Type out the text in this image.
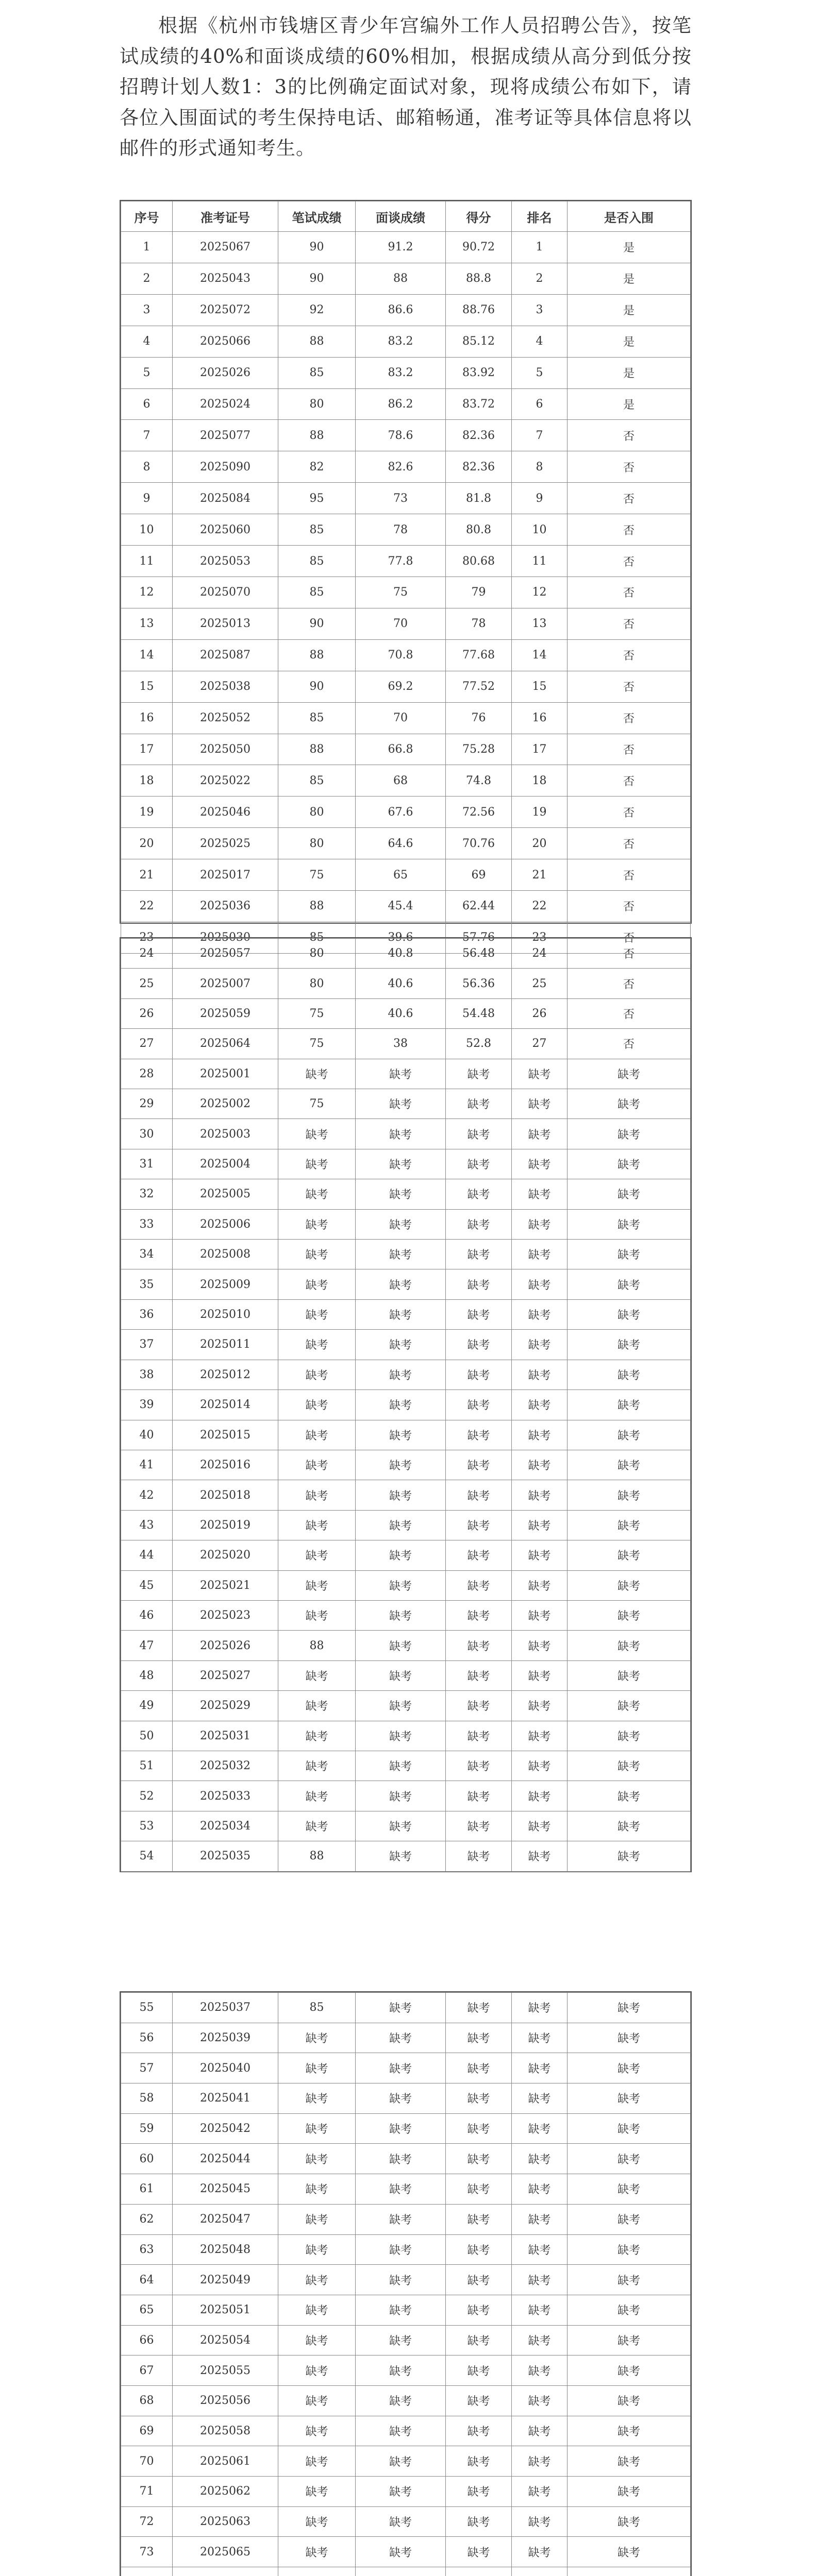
根据《杭州市钱塘区青少年宫编外工作人员招聘公告》，按笔试成绩的40%和面谈成绩的60%相加，根据成绩从高分到低分按招聘计划人数1：3的比例确定面试对象，现将成绩公布如下，请各位入围面试的考生保持电话、邮箱畅通，准考证等具体信息将以邮件的形式通知考生。
序号	准考证号	笔试成绩	面谈成绩	得分	排名	是否入围
1	2025067	90	91.2	90.72	1	是
2	2025043	90	88	88.8	2	是
3	2025072	92	86.6	88.76	3	是
4	2025066	88	83.2	85.12	4	是
5	2025026	85	83.2	83.92	5	是
6	2025024	80	86.2	83.72	6	是
7	2025077	88	78.6	82.36	7	否
8	2025090	82	82.6	82.36	8	否
9	2025084	95	73	81.8	9	否
10	2025060	85	78	80.8	10	否
11	2025053	85	77.8	80.68	11	否
12	2025070	85	75	79	12	否
13	2025013	90	70	78	13	否
14	2025087	88	70.8	77.68	14	否
15	2025038	90	69.2	77.52	15	否
16	2025052	85	70	76	16	否
17	2025050	88	66.8	75.28	17	否
18	2025022	85	68	74.8	18	否
19	2025046	80	67.6	72.56	19	否
20	2025025	80	64.6	70.76	20	否
21	2025017	75	65	69	21	否
22	2025036	88	45.4	62.44	22	否
23	2025030	85	39.6	57.76	23	否
24	2025057	80	40.8	56.48	24	否
25	2025007	80	40.6	56.36	25	否
26	2025059	75	40.6	54.48	26	否
27	2025064	75	38	52.8	27	否
28	2025001	缺考	缺考	缺考	缺考	缺考
29	2025002	75	缺考	缺考	缺考	缺考
30	2025003	缺考	缺考	缺考	缺考	缺考
31	2025004	缺考	缺考	缺考	缺考	缺考
32	2025005	缺考	缺考	缺考	缺考	缺考
33	2025006	缺考	缺考	缺考	缺考	缺考
34	2025008	缺考	缺考	缺考	缺考	缺考
35	2025009	缺考	缺考	缺考	缺考	缺考
36	2025010	缺考	缺考	缺考	缺考	缺考
37	2025011	缺考	缺考	缺考	缺考	缺考
38	2025012	缺考	缺考	缺考	缺考	缺考
39	2025014	缺考	缺考	缺考	缺考	缺考
40	2025015	缺考	缺考	缺考	缺考	缺考
41	2025016	缺考	缺考	缺考	缺考	缺考
42	2025018	缺考	缺考	缺考	缺考	缺考
43	2025019	缺考	缺考	缺考	缺考	缺考
44	2025020	缺考	缺考	缺考	缺考	缺考
45	2025021	缺考	缺考	缺考	缺考	缺考
46	2025023	缺考	缺考	缺考	缺考	缺考
47	2025026	88	缺考	缺考	缺考	缺考
48	2025027	缺考	缺考	缺考	缺考	缺考
49	2025029	缺考	缺考	缺考	缺考	缺考
50	2025031	缺考	缺考	缺考	缺考	缺考
51	2025032	缺考	缺考	缺考	缺考	缺考
52	2025033	缺考	缺考	缺考	缺考	缺考
53	2025034	缺考	缺考	缺考	缺考	缺考
54	2025035	88	缺考	缺考	缺考	缺考
55	2025037	85	缺考	缺考	缺考	缺考
56	2025039	缺考	缺考	缺考	缺考	缺考
57	2025040	缺考	缺考	缺考	缺考	缺考
58	2025041	缺考	缺考	缺考	缺考	缺考
59	2025042	缺考	缺考	缺考	缺考	缺考
60	2025044	缺考	缺考	缺考	缺考	缺考
61	2025045	缺考	缺考	缺考	缺考	缺考
62	2025047	缺考	缺考	缺考	缺考	缺考
63	2025048	缺考	缺考	缺考	缺考	缺考
64	2025049	缺考	缺考	缺考	缺考	缺考
65	2025051	缺考	缺考	缺考	缺考	缺考
66	2025054	缺考	缺考	缺考	缺考	缺考
67	2025055	缺考	缺考	缺考	缺考	缺考
68	2025056	缺考	缺考	缺考	缺考	缺考
69	2025058	缺考	缺考	缺考	缺考	缺考
70	2025061	缺考	缺考	缺考	缺考	缺考
71	2025062	缺考	缺考	缺考	缺考	缺考
72	2025063	缺考	缺考	缺考	缺考	缺考
73	2025065	缺考	缺考	缺考	缺考	缺考
